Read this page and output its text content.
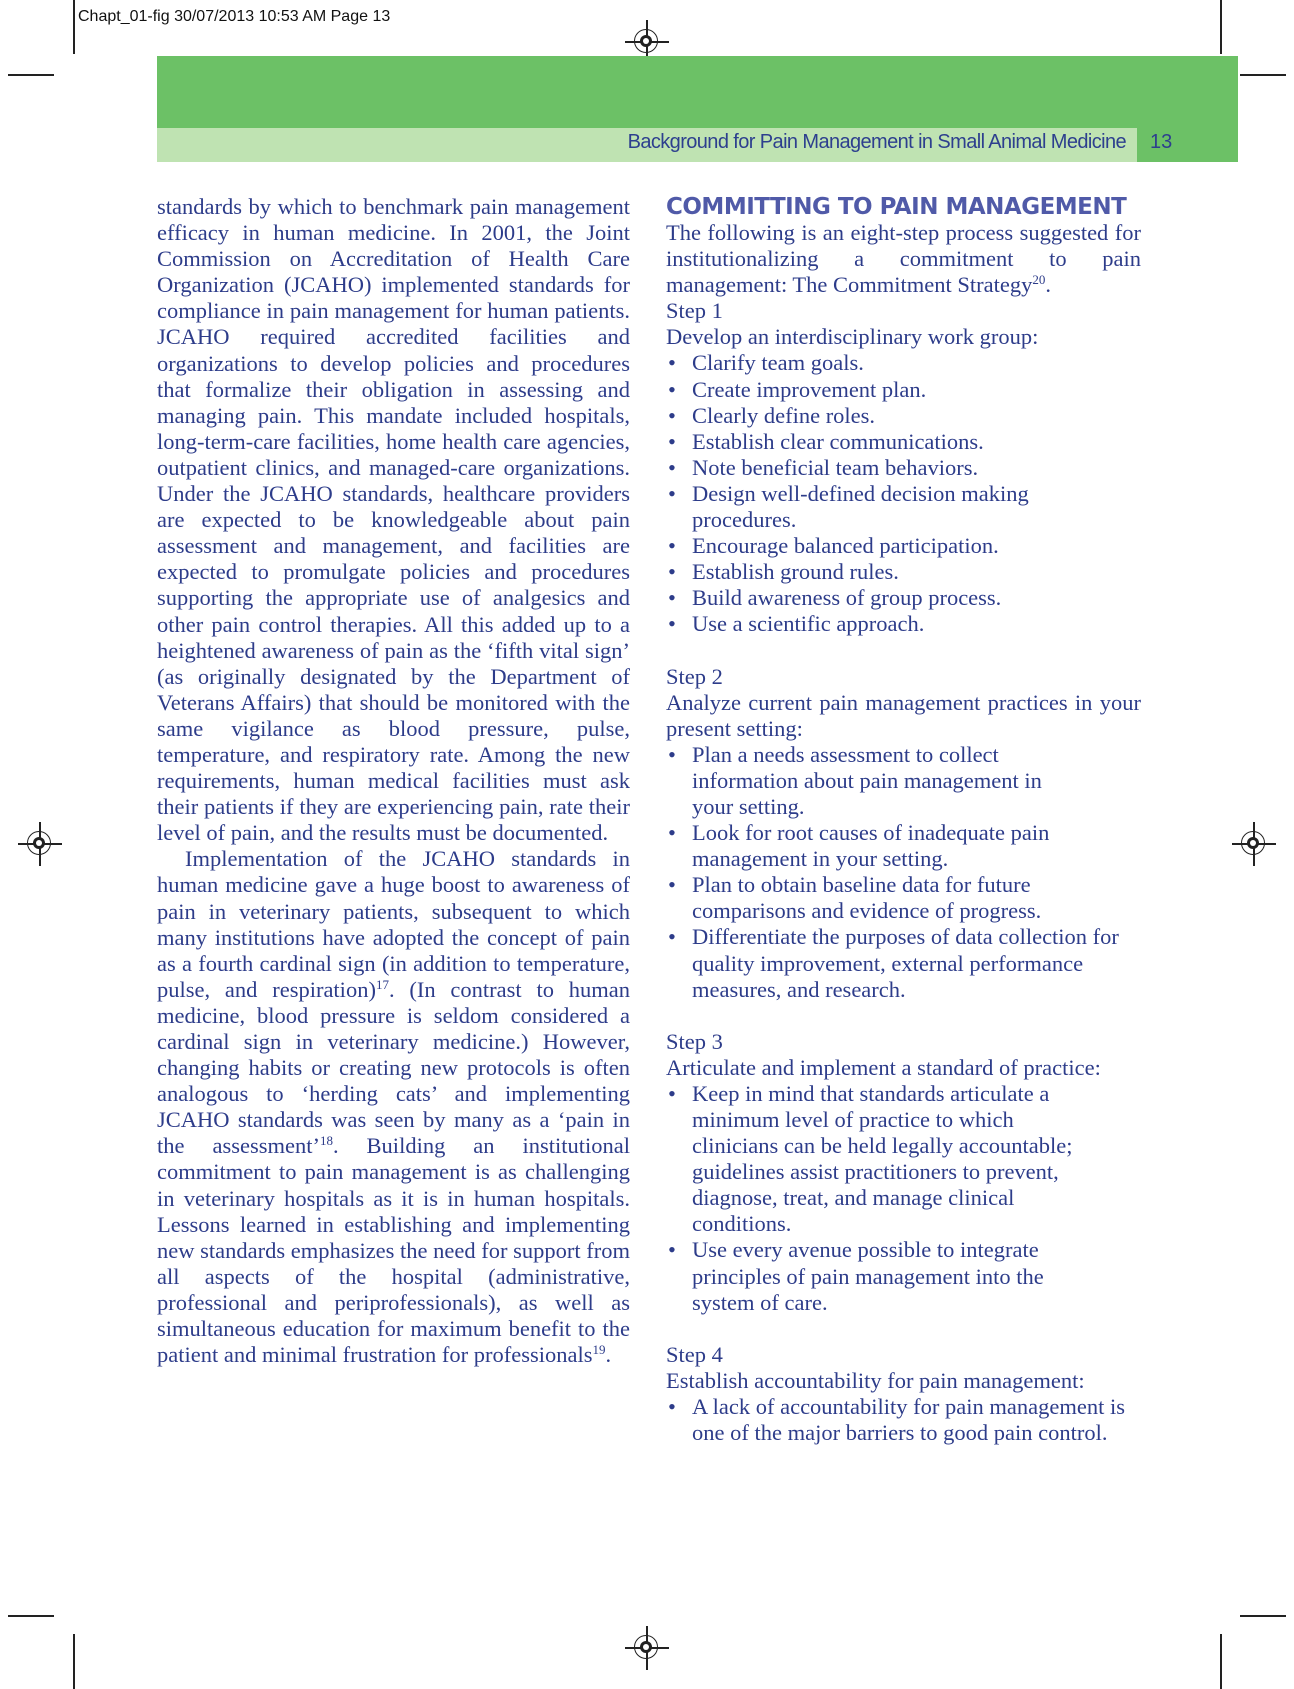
Chapt_01-fig 30/07/2013 10:53 AM Page 13
Background for Pain Management in Small Animal Medicine 13

standards by which to benchmark pain management efficacy in human medicine. In 2001, the Joint Commission on Accreditation of Health Care Organization (JCAHO) implemented standards for compliance in pain management for human patients. JCAHO required accredited facilities and organizations to develop policies and procedures that formalize their obligation in assessing and managing pain. This mandate included hospitals, long-term-care facilities, home health care agencies, outpatient clinics, and managed-care organizations. Under the JCAHO standards, healthcare providers are expected to be knowledgeable about pain assessment and management, and facilities are expected to promulgate policies and procedures supporting the appropriate use of analgesics and other pain control therapies. All this added up to a heightened awareness of pain as the ‘fifth vital sign’ (as originally designated by the Department of Veterans Affairs) that should be monitored with the same vigilance as blood pressure, pulse, temperature, and respiratory rate. Among the new requirements, human medical facilities must ask their patients if they are experiencing pain, rate their level of pain, and the results must be documented.

Implementation of the JCAHO standards in human medicine gave a huge boost to awareness of pain in veterinary patients, subsequent to which many institutions have adopted the concept of pain as a fourth cardinal sign (in addition to temperature, pulse, and respiration)$^{17}$. (In contrast to human medicine, blood pressure is seldom considered a cardinal sign in veterinary medicine.) However, changing habits or creating new protocols is often analogous to ‘herding cats’ and implementing JCAHO standards was seen by many as a ‘pain in the assessment’$^{18}$. Building an institutional commitment to pain management is as challenging in veterinary hospitals as it is in human hospitals. Lessons learned in establishing and implementing new standards emphasizes the need for support from all aspects of the hospital (administrative, professional and periprofessionals), as well as simultaneous education for maximum benefit to the patient and minimal frustration for professionals$^{19}$.

COMMITTING TO PAIN MANAGEMENT

The following is an eight-step process suggested for institutionalizing a commitment to pain management: The Commitment Strategy$^{20}$.

Step 1
Develop an interdisciplinary work group:
• Clarify team goals.
• Create improvement plan.
• Clearly define roles.
• Establish clear communications.
• Note beneficial team behaviors.
• Design well-defined decision making procedures.
• Encourage balanced participation.
• Establish ground rules.
• Build awareness of group process.
• Use a scientific approach.
Step 2

Analyze current pain management practices in your present setting:

• Plan a needs assessment to collect information about pain management in your setting.
• Look for root causes of inadequate pain management in your setting.
• Plan to obtain baseline data for future comparisons and evidence of progress.
• Differentiate the purposes of data collection for quality improvement, external performance measures, and research.
Step 3
Articulate and implement a standard of practice:
• Keep in mind that standards articulate a minimum level of practice to which clinicians can be held legally accountable; guidelines assist practitioners to prevent, diagnose, treat, and manage clinical conditions.
• Use every avenue possible to integrate principles of pain management into the system of care.
Step 4
Establish accountability for pain management:
• A lack of accountability for pain management is one of the major barriers to good pain control.
